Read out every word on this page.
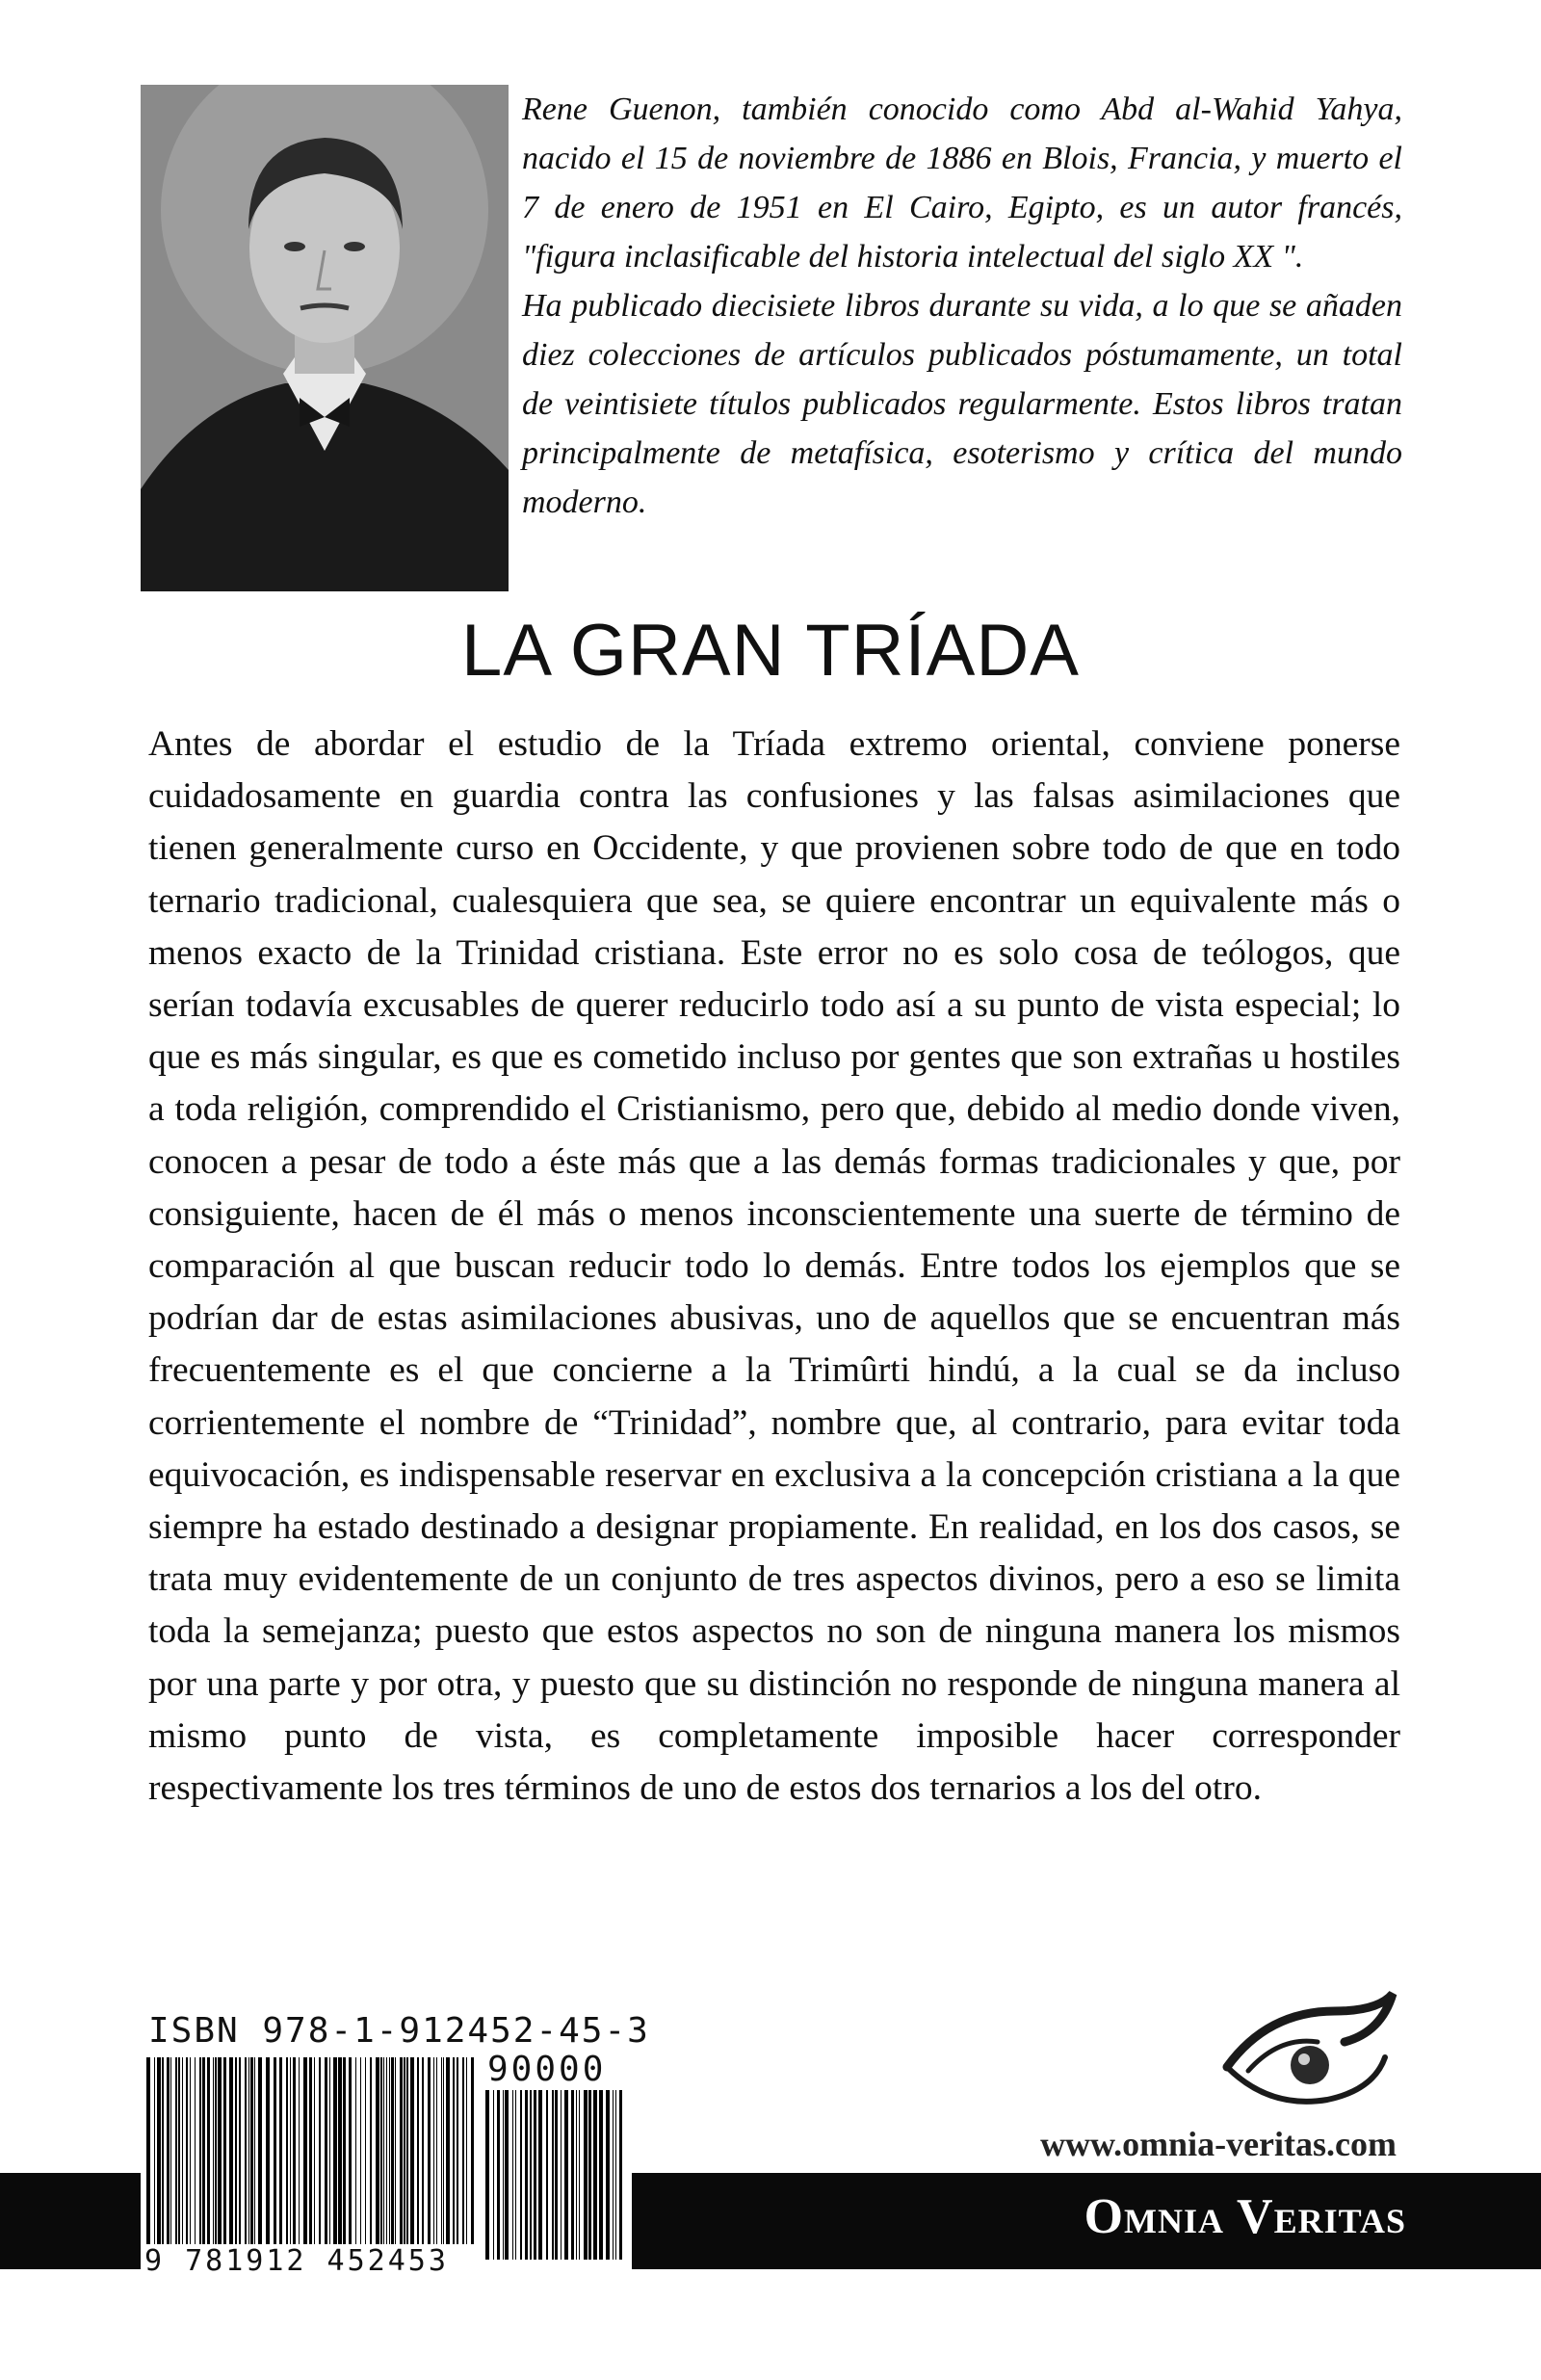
Rene Guenon, también conocido como Abd al-Wahid Yahya, nacido el 15 de noviembre de 1886 en Blois, Francia, y muerto el 7 de enero de 1951 en El Cairo, Egipto, es un autor francés, "figura inclasificable del historia intelectual del siglo XX ".

Ha publicado diecisiete libros durante su vida, a lo que se añaden diez colecciones de artículos publicados póstumamente, un total de veintisiete títulos publicados regularmente. Estos libros tratan principalmente de metafísica, esoterismo y crítica del mundo moderno.

LA GRAN TRÍADA

Antes de abordar el estudio de la Tríada extremo oriental, conviene ponerse cuidadosamente en guardia contra las confusiones y las falsas asimilaciones que tienen generalmente curso en Occidente, y que provienen sobre todo de que en todo ternario tradicional, cualesquiera que sea, se quiere encontrar un equivalente más o menos exacto de la Trinidad cristiana. Este error no es solo cosa de teólogos, que serían todavía excusables de querer reducirlo todo así a su punto de vista especial; lo que es más singular, es que es cometido incluso por gentes que son extrañas u hostiles a toda religión, comprendido el Cristianismo, pero que, debido al medio donde viven, conocen a pesar de todo a éste más que a las demás formas tradicionales y que, por consiguiente, hacen de él más o menos inconscientemente una suerte de término de comparación al que buscan reducir todo lo demás. Entre todos los ejemplos que se podrían dar de estas asimilaciones abusivas, uno de aquellos que se encuentran más frecuentemente es el que concierne a la Trimûrti hindú, a la cual se da incluso corrientemente el nombre de “Trinidad”, nombre que, al contrario, para evitar toda equivocación, es indispensable reservar en exclusiva a la concepción cristiana a la que siempre ha estado destinado a designar propiamente. En realidad, en los dos casos, se trata muy evidentemente de un conjunto de tres aspectos divinos, pero a eso se limita toda la semejanza; puesto que estos aspectos no son de ninguna manera los mismos por una parte y por otra, y puesto que su distinción no responde de ninguna manera al mismo punto de vista, es completamente imposible hacer corresponder respectivamente los tres términos de uno de estos dos ternarios a los del otro.

ISBN 978-1-912452-45-3
90000
9 781912 452453
www.omnia-veritas.com
Omnia Veritas
